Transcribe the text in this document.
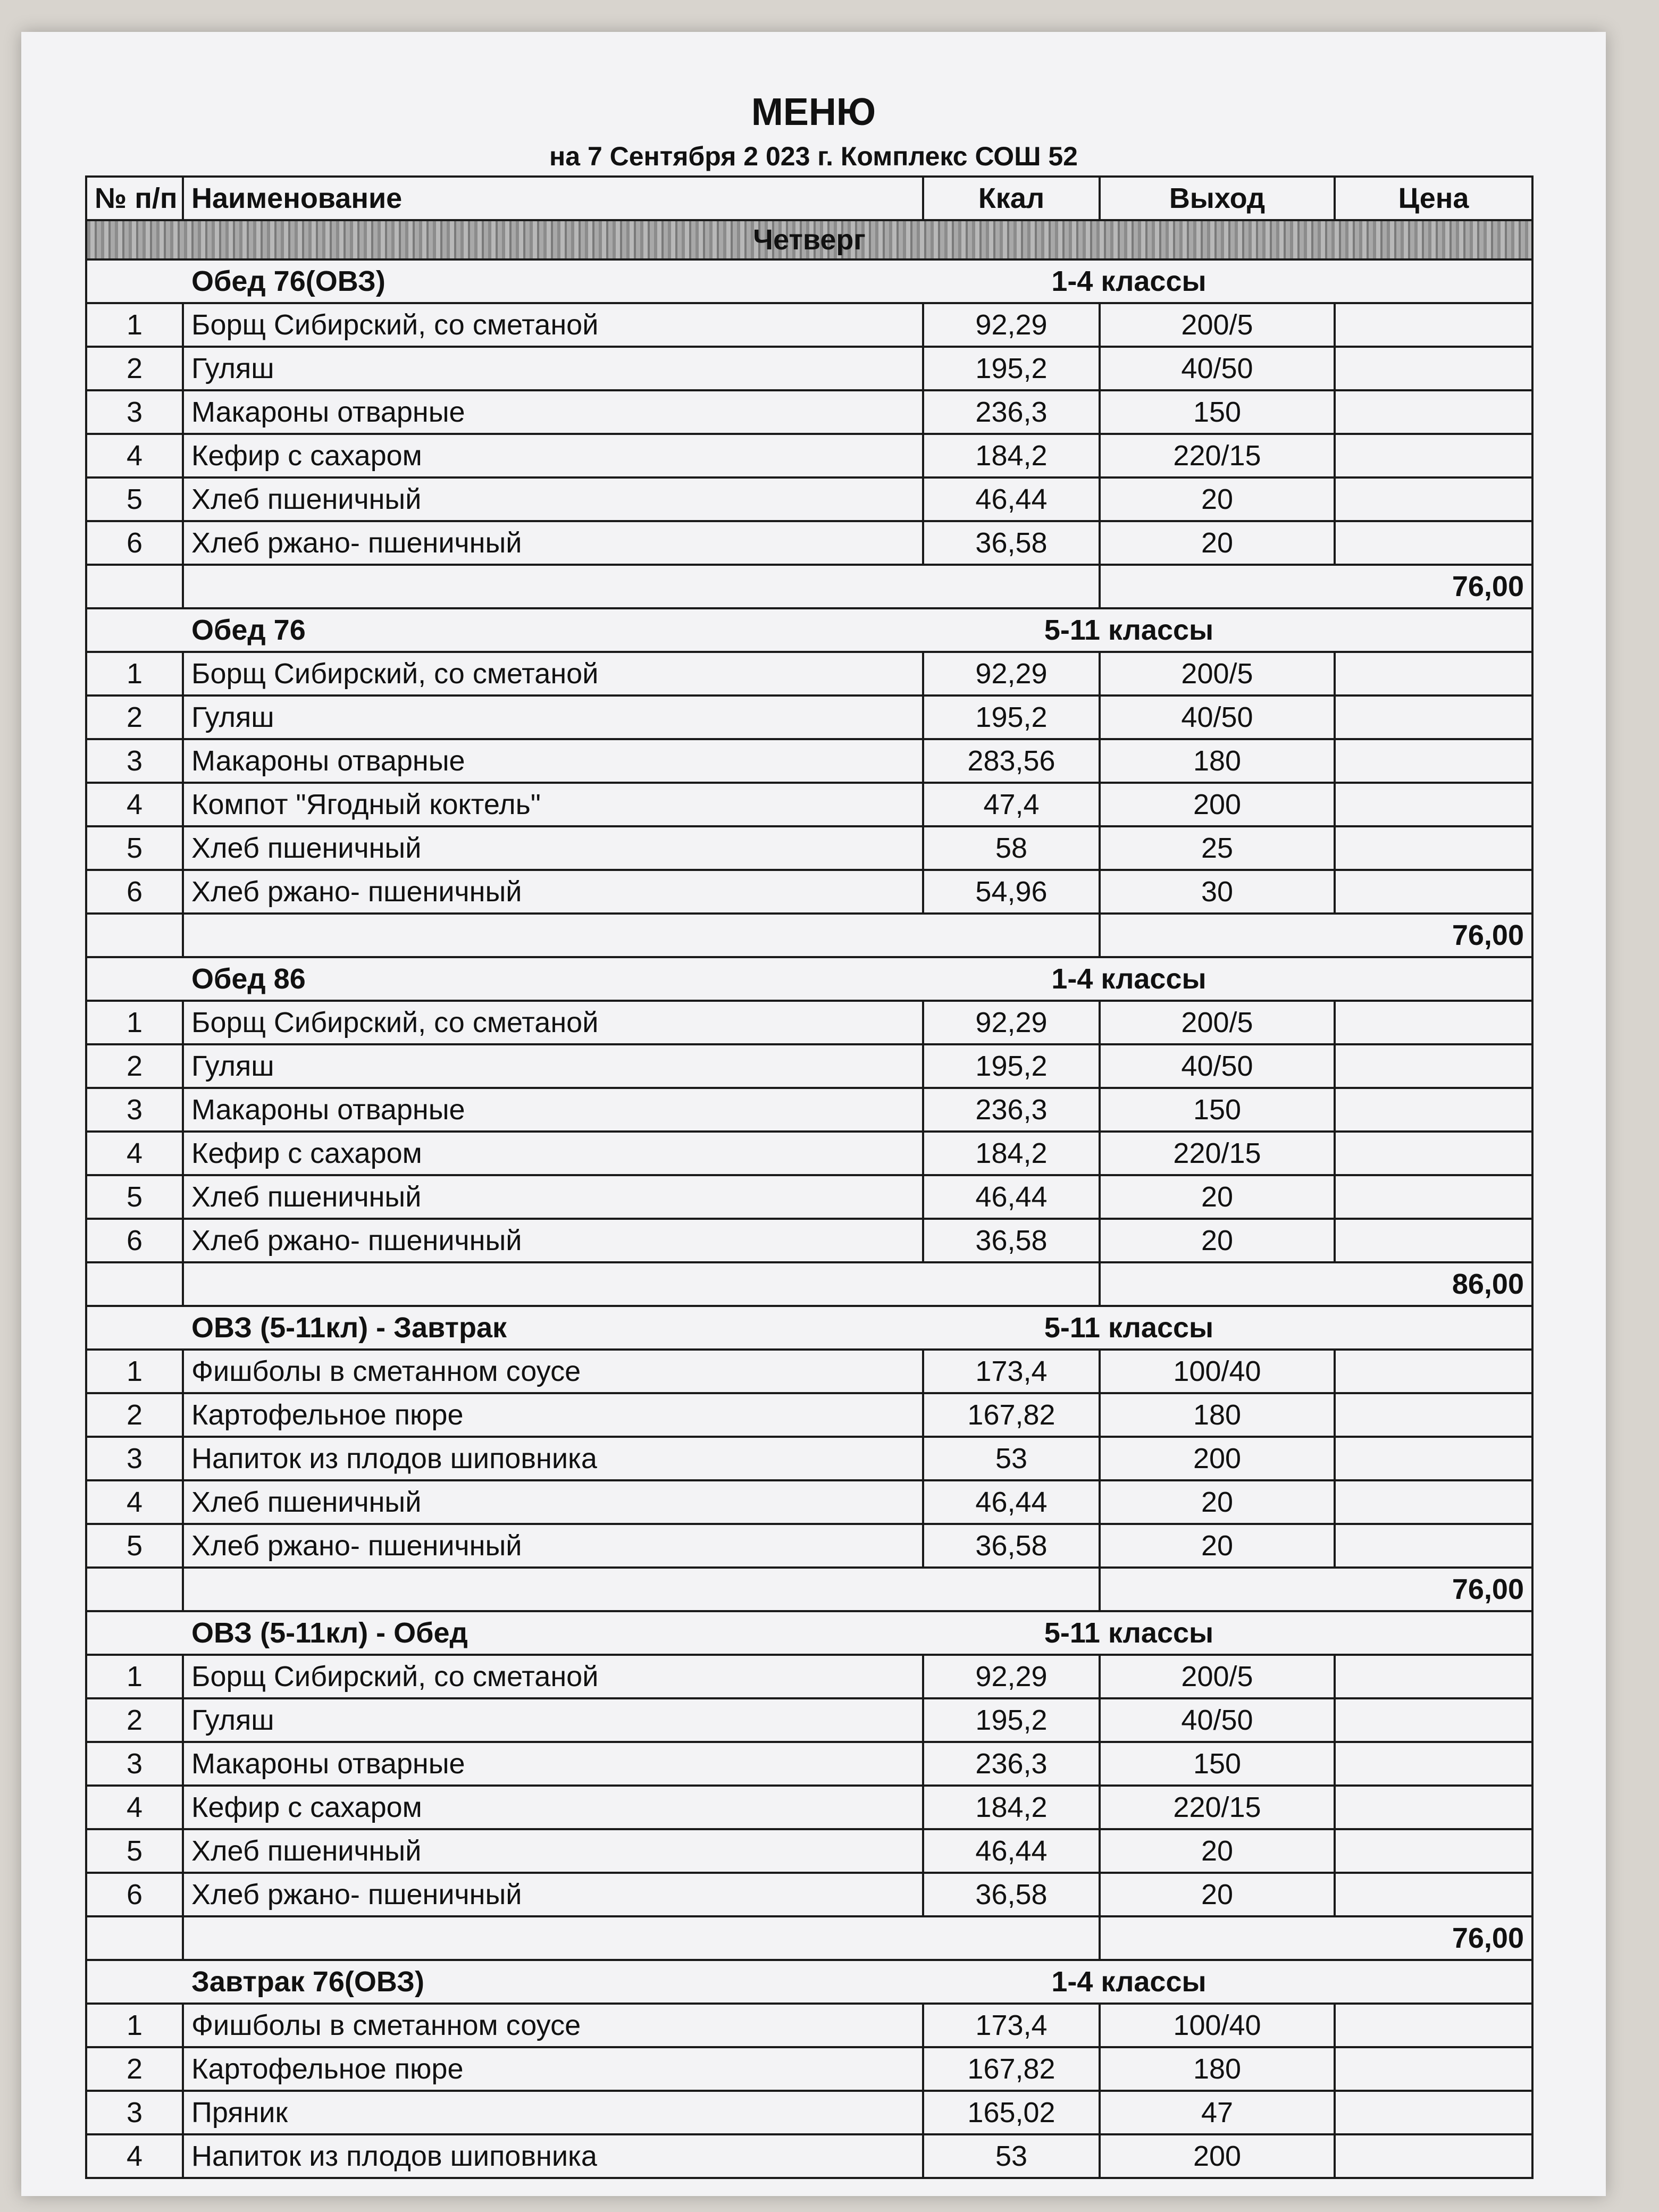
МЕНЮ
на 7 Сентября 2 023 г. Комплекс СОШ 52
№ п/п	Наименование	Ккал	Выход	Цена
Четверг				
	Обед 76(ОВЗ)	1-4 классы		
1	Борщ Сибирский, со сметаной	92,29	200/5	
2	Гуляш	195,2	40/50	
3	Макароны отварные	236,3	150	
4	Кефир с сахаром	184,2	220/15	
5	Хлеб пшеничный	46,44	20	
6	Хлеб ржано- пшеничный	36,58	20	
			76,00	
	Обед 76	5-11 классы		
1	Борщ Сибирский, со сметаной	92,29	200/5	
2	Гуляш	195,2	40/50	
3	Макароны отварные	283,56	180	
4	Компот "Ягодный коктель"	47,4	200	
5	Хлеб пшеничный	58	25	
6	Хлеб ржано- пшеничный	54,96	30	
			76,00	
	Обед 86	1-4 классы		
1	Борщ Сибирский, со сметаной	92,29	200/5	
2	Гуляш	195,2	40/50	
3	Макароны отварные	236,3	150	
4	Кефир с сахаром	184,2	220/15	
5	Хлеб пшеничный	46,44	20	
6	Хлеб ржано- пшеничный	36,58	20	
			86,00	
	ОВЗ (5-11кл) - Завтрак	5-11 классы		
1	Фишболы в сметанном соусе	173,4	100/40	
2	Картофельное пюре	167,82	180	
3	Напиток из плодов шиповника	53	200	
4	Хлеб пшеничный	46,44	20	
5	Хлеб ржано- пшеничный	36,58	20	
			76,00	
	ОВЗ (5-11кл) - Обед	5-11 классы		
1	Борщ Сибирский, со сметаной	92,29	200/5	
2	Гуляш	195,2	40/50	
3	Макароны отварные	236,3	150	
4	Кефир с сахаром	184,2	220/15	
5	Хлеб пшеничный	46,44	20	
6	Хлеб ржано- пшеничный	36,58	20	
			76,00	
	Завтрак 76(ОВЗ)	1-4 классы		
1	Фишболы в сметанном соусе	173,4	100/40	
2	Картофельное пюре	167,82	180	
3	Пряник	165,02	47	
4	Напиток из плодов шиповника	53	200	
